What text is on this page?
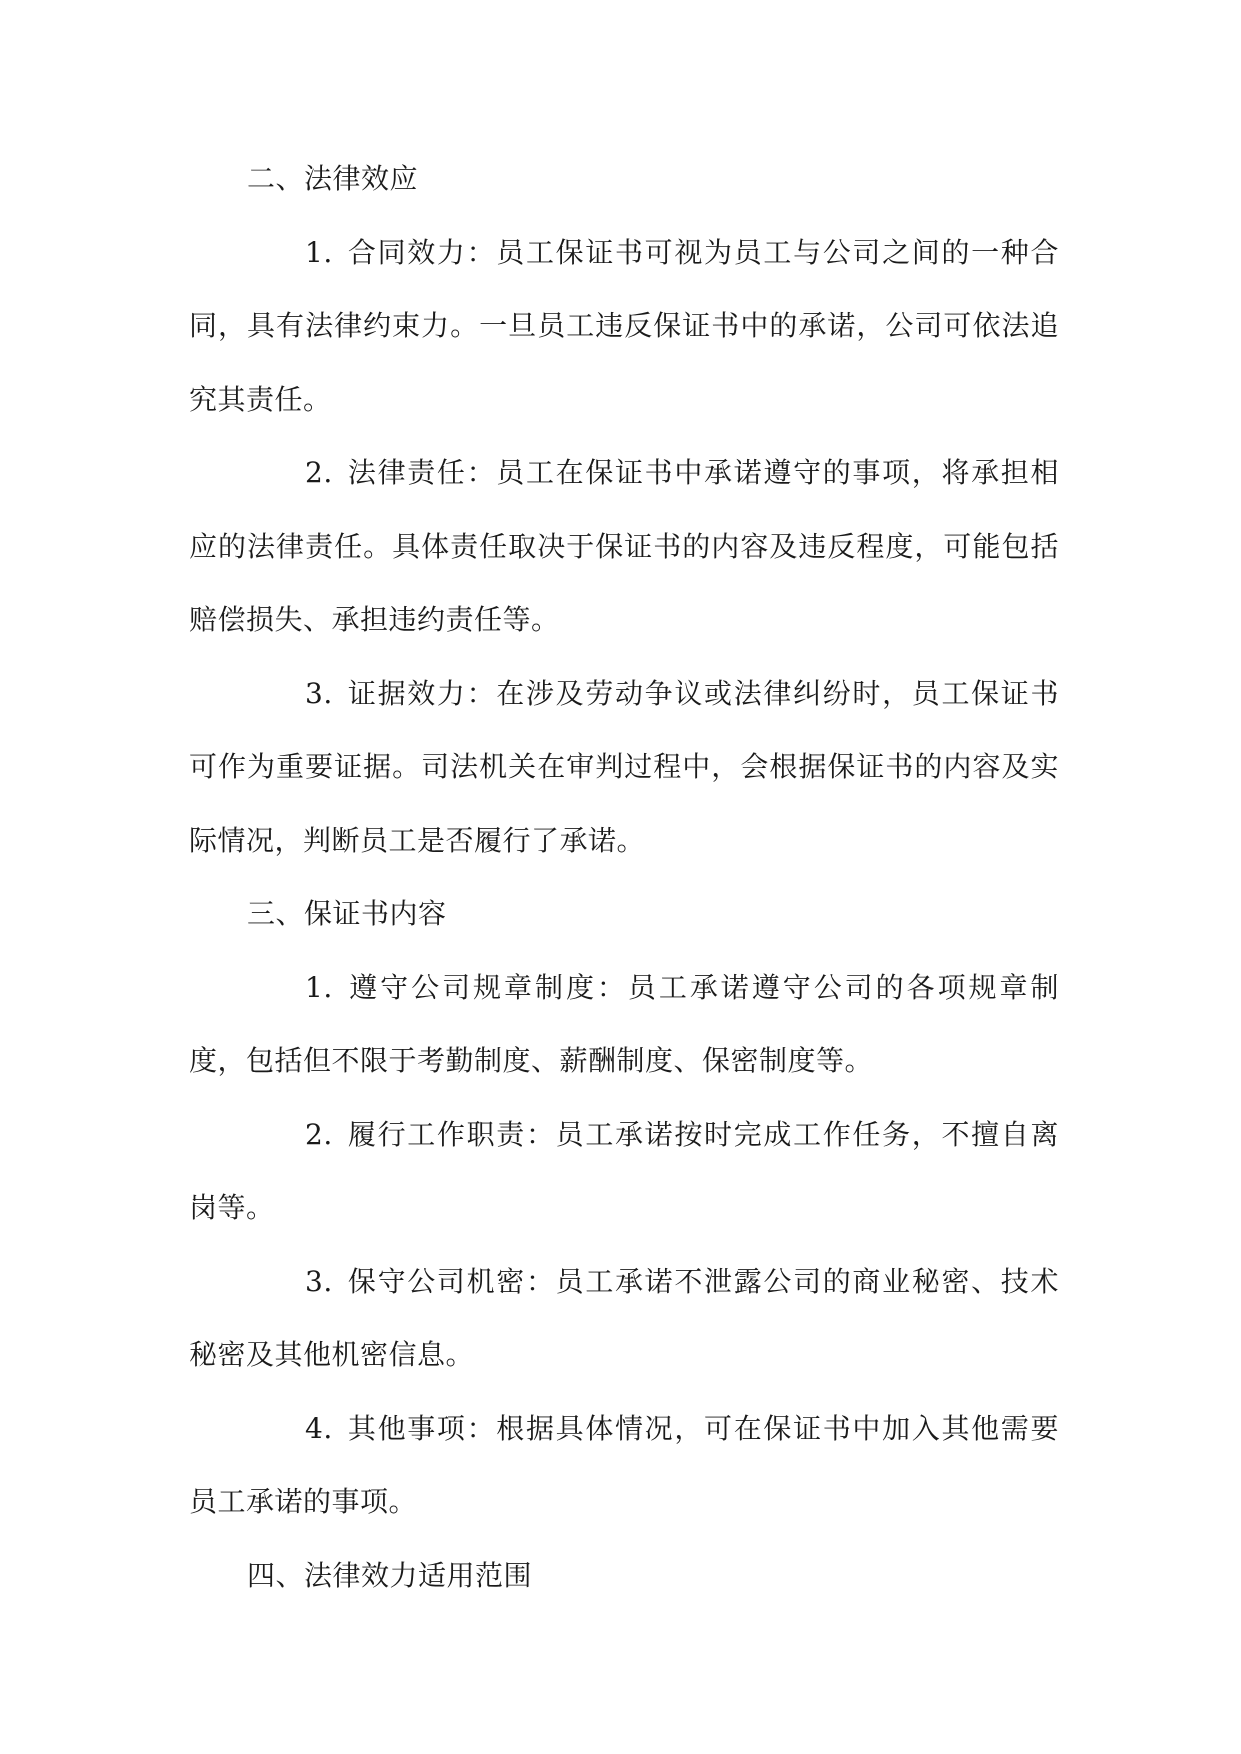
二、法律效应

1. 合同效力：员工保证书可视为员工与公司之间的一种合同，具有法律约束力。一旦员工违反保证书中的承诺，公司可依法追究其责任。

2. 法律责任：员工在保证书中承诺遵守的事项，将承担相应的法律责任。具体责任取决于保证书的内容及违反程度，可能包括赔偿损失、承担违约责任等。

3. 证据效力：在涉及劳动争议或法律纠纷时，员工保证书可作为重要证据。司法机关在审判过程中，会根据保证书的内容及实际情况，判断员工是否履行了承诺。

三、保证书内容

1. 遵守公司规章制度：员工承诺遵守公司的各项规章制度，包括但不限于考勤制度、薪酬制度、保密制度等。

2. 履行工作职责：员工承诺按时完成工作任务，不擅自离岗等。

3. 保守公司机密：员工承诺不泄露公司的商业秘密、技术秘密及其他机密信息。

4. 其他事项：根据具体情况，可在保证书中加入其他需要员工承诺的事项。

四、法律效力适用范围
